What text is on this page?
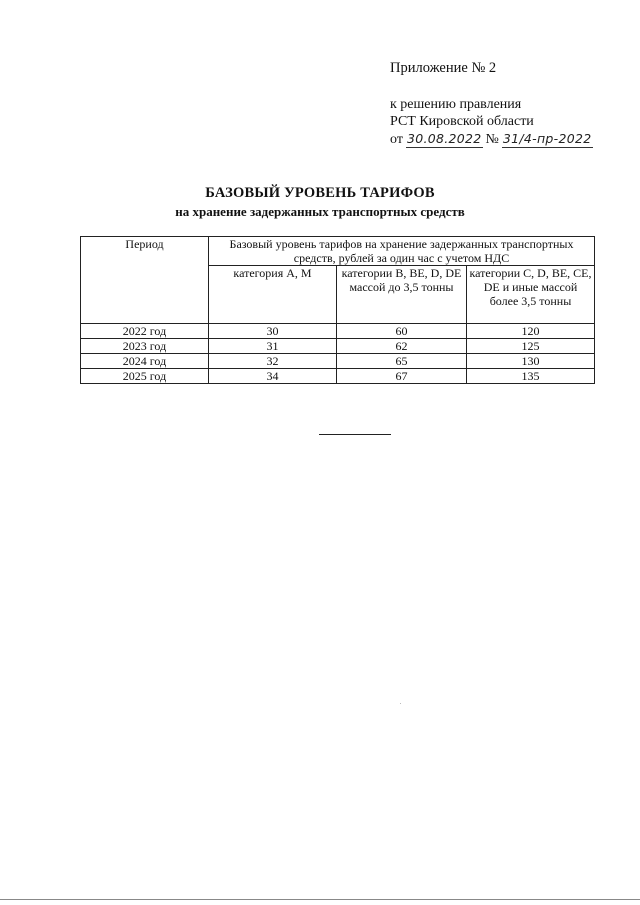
Приложение № 2
к решению правления
РСТ Кировской области
от 30.08.2022 № 31/4-пр-2022
БАЗОВЫЙ УРОВЕНЬ ТАРИФОВ
на хранение задержанных транспортных средств
Период	Базовый уровень тарифов на хранение задержанных транспортных средств, рублей за один час с учетом НДС		
	категория A, M	категории B, BE, D, DE массой до 3,5 тонны	категории C, D, BE, CE, DE и иные массой более 3,5 тонны
2022 год	30	60	120
2023 год	31	62	125
2024 год	32	65	130
2025 год	34	67	135
